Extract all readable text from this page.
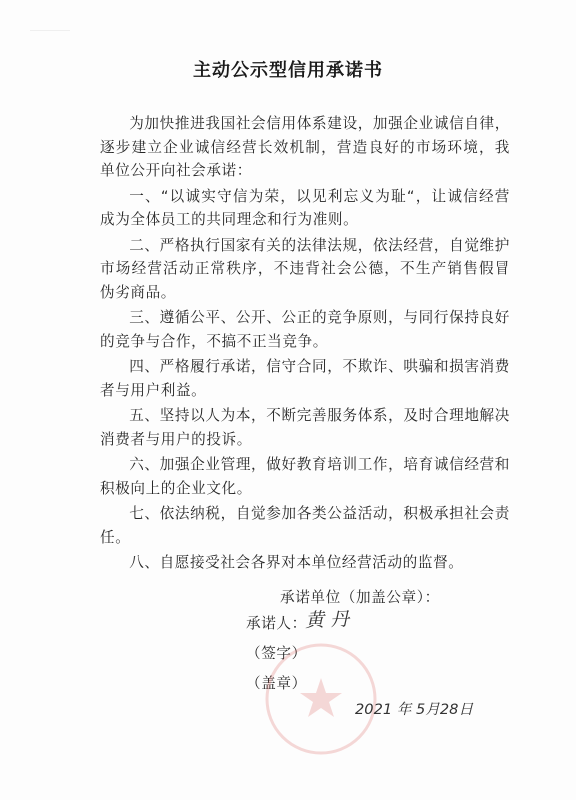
主动公示型信用承诺书

为加快推进我国社会信用体系建设，加强企业诚信自律，逐步建立企业诚信经营长效机制，营造良好的市场环境，我单位公开向社会承诺：

一、“以诚实守信为荣，以见利忘义为耻“，让诚信经营成为全体员工的共同理念和行为准则。

二、严格执行国家有关的法律法规，依法经营，自觉维护市场经营活动正常秩序，不违背社会公德，不生产销售假冒伪劣商品。

三、遵循公平、公开、公正的竞争原则，与同行保持良好的竞争与合作，不搞不正当竞争。

四、严格履行承诺，信守合同，不欺诈、哄骗和损害消费者与用户利益。

五、坚持以人为本，不断完善服务体系，及时合理地解决消费者与用户的投诉。

六、加强企业管理，做好教育培训工作，培育诚信经营和积极向上的企业文化。

七、依法纳税，自觉参加各类公益活动，积极承担社会责任。

八、自愿接受社会各界对本单位经营活动的监督。

承诺单位（加盖公章）：
承诺人：
黄 丹
（签字）
（盖章）
2021 年 5月28日
